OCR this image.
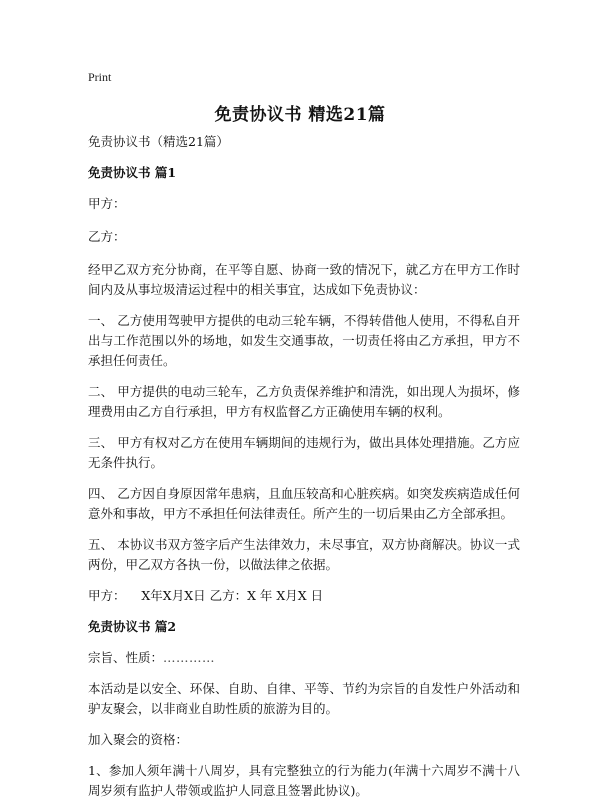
Print
免责协议书 精选21篇

免责协议书（精选21篇）

免责协议书 篇1

甲方：

乙方：

经甲乙双方充分协商，在平等自愿、协商一致的情况下，就乙方在甲方工作时间内及从事垃圾清运过程中的相关事宜，达成如下免责协议：

一、 乙方使用驾驶甲方提供的电动三轮车辆，不得转借他人使用，不得私自开出与工作范围以外的场地，如发生交通事故，一切责任将由乙方承担，甲方不承担任何责任。

二、 甲方提供的电动三轮车，乙方负责保养维护和清洗，如出现人为损坏，修理费用由乙方自行承担，甲方有权监督乙方正确使用车辆的权利。

三、 甲方有权对乙方在使用车辆期间的违规行为，做出具体处理措施。乙方应无条件执行。

四、 乙方因自身原因常年患病，且血压较高和心脏疾病。如突发疾病造成任何意外和事故，甲方不承担任何法律责任。所产生的一切后果由乙方全部承担。

五、 本协议书双方签字后产生法律效力，未尽事宜，双方协商解决。协议一式两份，甲乙双方各执一份，以做法律之依据。

甲方：    X年X月X日 乙方：X 年 X月X 日

免责协议书 篇2

宗旨、性质：…………

本活动是以安全、环保、自助、自律、平等、节约为宗旨的自发性户外活动和驴友聚会，以非商业自助性质的旅游为目的。

加入聚会的资格：

1、参加人须年满十八周岁，具有完整独立的行为能力(年满十六周岁不满十八周岁须有监护人带领或监护人同意且签署此协议)。
